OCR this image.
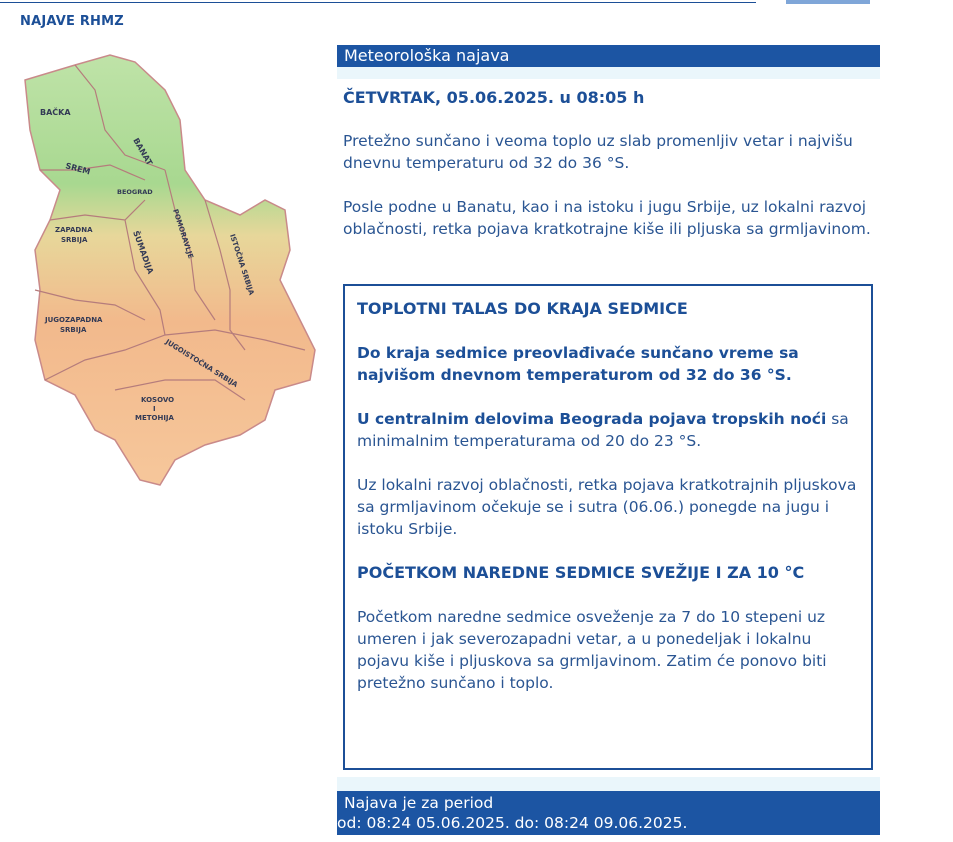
NAJAVE RHMZ
BAČKA
BANAT
SREM
BEOGRAD
ZAPADNA
SRBIJA	ŠUMADIJA	POMORAVLJE	ISTOČNA SRBIJA
JUGOZAPADNA
SRBIJA
JUGOISTOČNA SRBIJA
KOSOVO
I
METOHIJA
Meteorološka najava
ČETVRTAK, 05.06.2025. u 08:05 h
Pretežno sunčano i veoma toplo uz slab promenljiv vetar i najvišu dnevnu temperaturu od 32 do 36 °S.
Posle podne u Banatu, kao i na istoku i jugu Srbije, uz lokalni razvoj oblačnosti, retka pojava kratkotrajne kiše ili pljuska sa grmljavinom.
TOPLOTNI TALAS DO KRAJA SEDMICE
Do kraja sedmice preovlađivaće sunčano vreme sa najvišom dnevnom temperaturom od 32 do 36 °S.
U centralnim delovima Beograda pojava tropskih noći sa minimalnim temperaturama od 20 do 23 °S.
Uz lokalni razvoj oblačnosti, retka pojava kratkotrajnih pljuskova sa grmljavinom očekuje se i sutra (06.06.) ponegde na jugu i istoku Srbije.
POČETKOM NAREDNE SEDMICE SVEŽIJE I ZA 10 °C
Početkom naredne sedmice osveženje za 7 do 10 stepeni uz umeren i jak severozapadni vetar, a u ponedeljak i lokalnu pojavu kiše i pljuskova sa grmljavinom. Zatim će ponovo biti pretežno sunčano i toplo.
Najava je za period
od: 08:24 05.06.2025. do: 08:24 09.06.2025.
